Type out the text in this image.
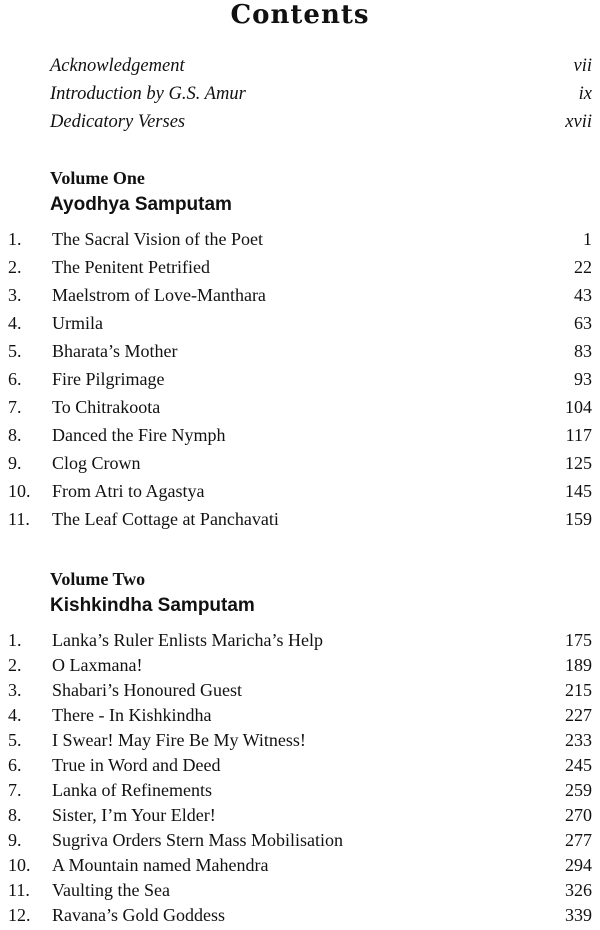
Contents
Acknowledgement	vii
Introduction by G.S. Amur	ix
Dedicatory Verses	xvii
Volume One
Ayodhya Samputam
1. The Sacral Vision of the Poet	1
2. The Penitent Petrified	22
3. Maelstrom of Love-Manthara	43
4. Urmila	63
5. Bharata’s Mother	83
6. Fire Pilgrimage	93
7. To Chitrakoota	104
8. Danced the Fire Nymph	117
9. Clog Crown	125
10. From Atri to Agastya	145
11. The Leaf Cottage at Panchavati	159
Volume Two
Kishkindha Samputam
1. Lanka’s Ruler Enlists Maricha’s Help	175
2. O Laxmana!	189
3. Shabari’s Honoured Guest	215
4. There - In Kishkindha	227
5. I Swear! May Fire Be My Witness!	233
6. True in Word and Deed	245
7. Lanka of Refinements	259
8. Sister, I’m Your Elder!	270
9. Sugriva Orders Stern Mass Mobilisation	277
10. A Mountain named Mahendra	294
11. Vaulting the Sea	326
12. Ravana’s Gold Goddess	339
